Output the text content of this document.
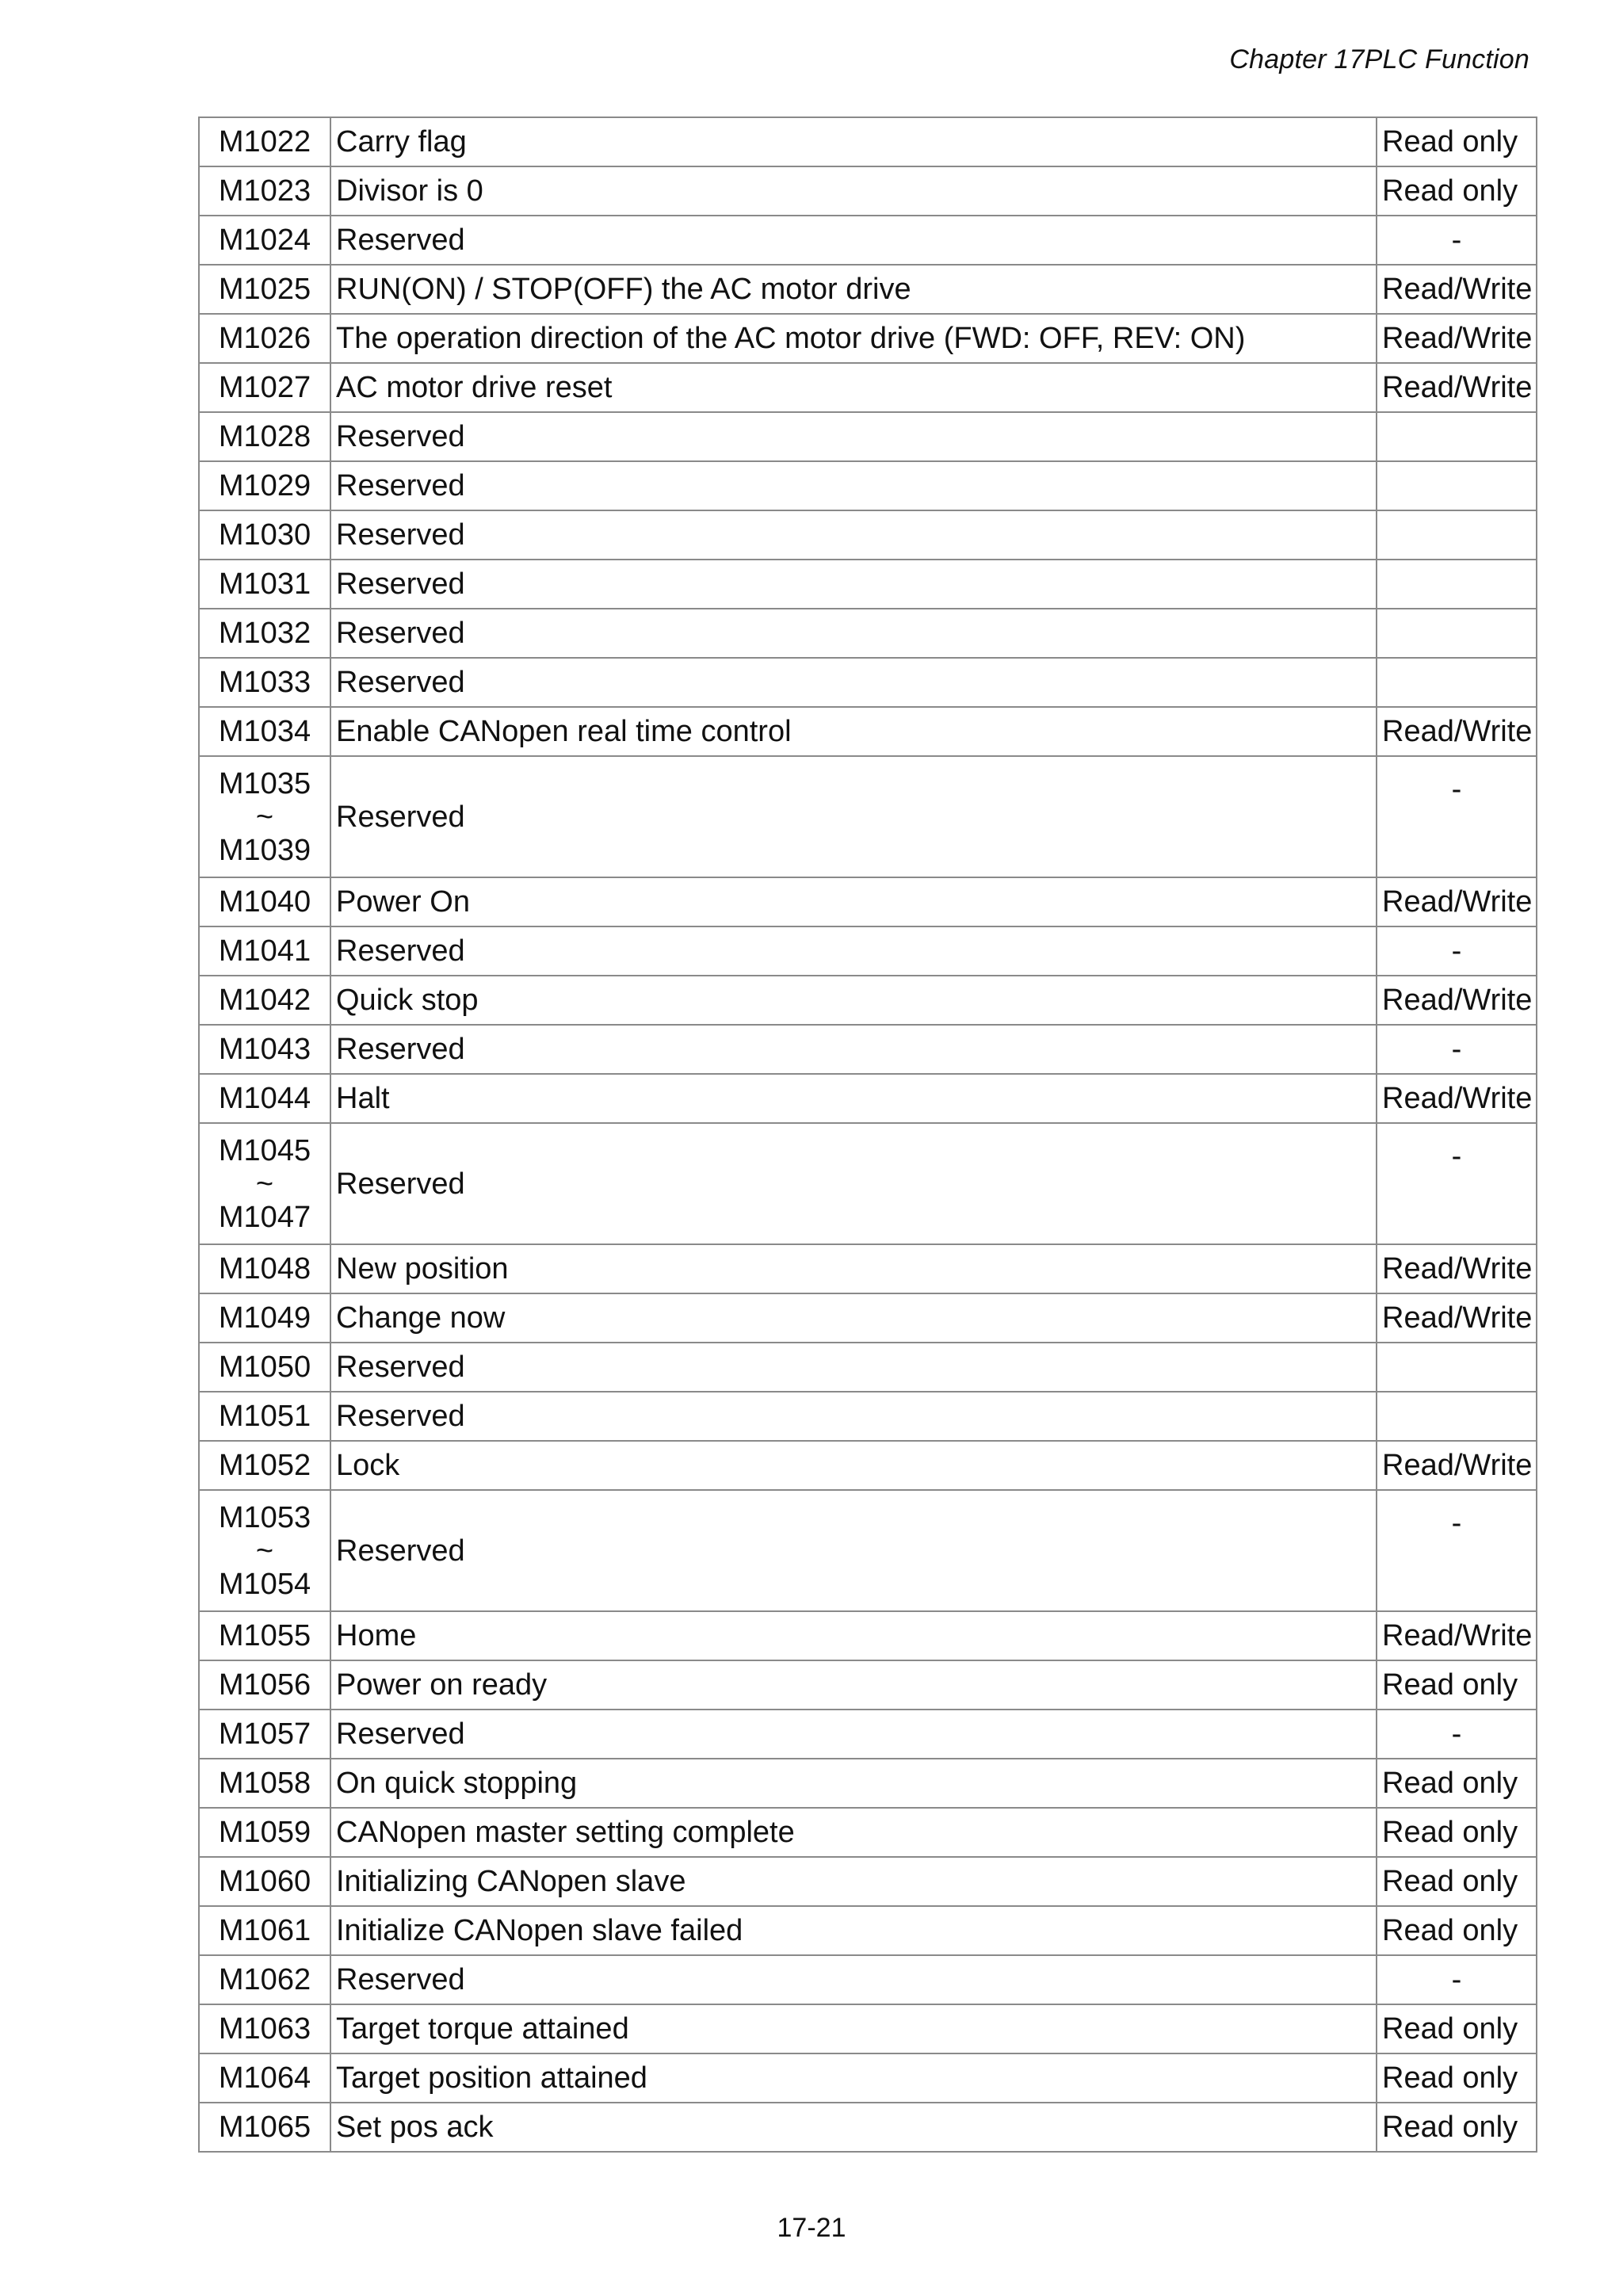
Chapter 17PLC Function
M1022	Carry flag	Read only

M1023	Divisor is 0	Read only

M1024	Reserved	-

M1025	RUN(ON) / STOP(OFF) the AC motor drive	Read/Write

M1026	The operation direction of the AC motor drive (FWD: OFF, REV: ON)	Read/Write

M1027	AC motor drive reset	Read/Write

M1028	Reserved	

M1029	Reserved	

M1030	Reserved	

M1031	Reserved	

M1032	Reserved	

M1033	Reserved	

M1034	Enable CANopen real time control	Read/Write

M1035
~
M1039	Reserved	-

M1040	Power On	Read/Write

M1041	Reserved	-

M1042	Quick stop	Read/Write

M1043	Reserved	-

M1044	Halt	Read/Write

M1045
~
M1047	Reserved	-

M1048	New position	Read/Write

M1049	Change now	Read/Write

M1050	Reserved	

M1051	Reserved	

M1052	Lock	Read/Write

M1053
~
M1054	Reserved	-

M1055	Home	Read/Write

M1056	Power on ready	Read only

M1057	Reserved	-

M1058	On quick stopping	Read only

M1059	CANopen master setting complete	Read only

M1060	Initializing CANopen slave	Read only

M1061	Initialize CANopen slave failed	Read only

M1062	Reserved	-

M1063	Target torque attained	Read only

M1064	Target position attained	Read only

M1065	Set pos ack	Read only
17-21
